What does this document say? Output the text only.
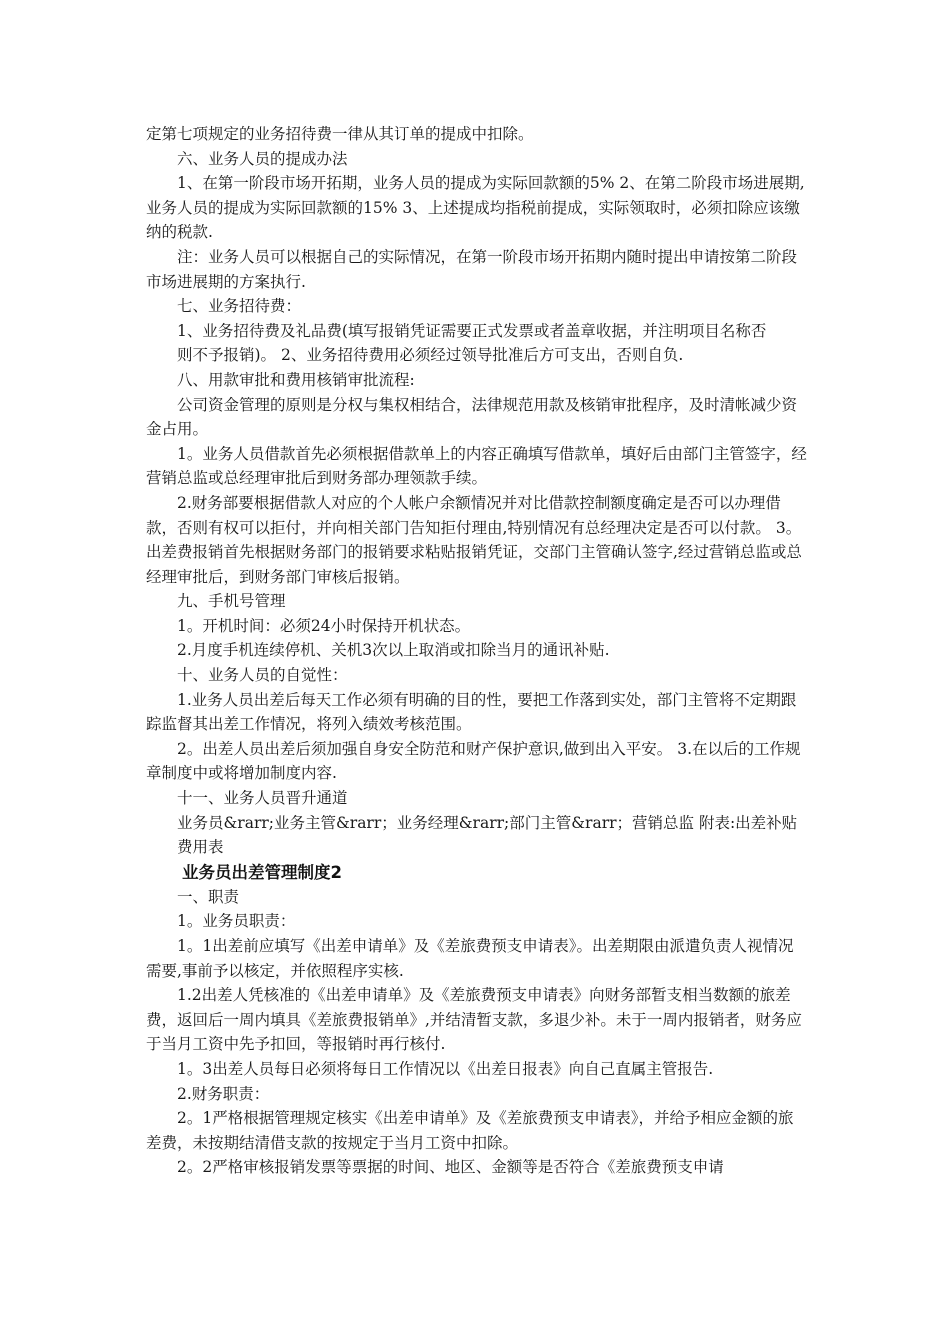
定第七项规定的业务招待费一律从其订单的提成中扣除。

六、业务人员的提成办法

1、在第一阶段市场开拓期，业务人员的提成为实际回款额的5% 2、在第二阶段市场进展期,业务人员的提成为实际回款额的15% 3、上述提成均指税前提成，实际领取时，必须扣除应该缴纳的税款.

注：业务人员可以根据自己的实际情况，在第一阶段市场开拓期内随时提出申请按第二阶段市场进展期的方案执行.

七、业务招待费：

1、业务招待费及礼品费(填写报销凭证需要正式发票或者盖章收据，并注明项目名称否

则不予报销)。 2、业务招待费用必须经过领导批准后方可支出，否则自负.

八、用款审批和费用核销审批流程:

公司资金管理的原则是分权与集权相结合，法律规范用款及核销审批程序，及时清帐减少资金占用。

1。业务人员借款首先必须根据借款单上的内容正确填写借款单，填好后由部门主管签字，经营销总监或总经理审批后到财务部办理领款手续。

2.财务部要根据借款人对应的个人帐户余额情况并对比借款控制额度确定是否可以办理借款，否则有权可以拒付，并向相关部门告知拒付理由,特别情况有总经理决定是否可以付款。 3。出差费报销首先根据财务部门的报销要求粘贴报销凭证，交部门主管确认签字,经过营销总监或总经理审批后，到财务部门审核后报销。

九、手机号管理

1。开机时间：必须24小时保持开机状态。

2.月度手机连续停机、关机3次以上取消或扣除当月的通讯补贴.

十、业务人员的自觉性：

1.业务人员出差后每天工作必须有明确的目的性，要把工作落到实处，部门主管将不定期跟踪监督其出差工作情况，将列入绩效考核范围。

2。出差人员出差后须加强自身安全防范和财产保护意识,做到出入平安。 3.在以后的工作规章制度中或将增加制度内容.

十一、业务人员晋升通道

业务员&rarr;业务主管&rarr；业务经理&rarr;部门主管&rarr；营销总监 附表:出差补贴费用表

业务员出差管理制度2

一、职责

1。业务员职责：

1。1出差前应填写《出差申请单》及《差旅费预支申请表》。出差期限由派遣负责人视情况需要,事前予以核定，并依照程序实核.

1.2出差人凭核准的《出差申请单》及《差旅费预支申请表》向财务部暂支相当数额的旅差费，返回后一周内填具《差旅费报销单》,并结清暂支款，多退少补。未于一周内报销者，财务应于当月工资中先予扣回，等报销时再行核付.

1。3出差人员每日必须将每日工作情况以《出差日报表》向自己直属主管报告.

2.财务职责：

2。1严格根据管理规定核实《出差申请单》及《差旅费预支申请表》，并给予相应金额的旅差费，未按期结清借支款的按规定于当月工资中扣除。

2。2严格审核报销发票等票据的时间、地区、金额等是否符合《差旅费预支申请
